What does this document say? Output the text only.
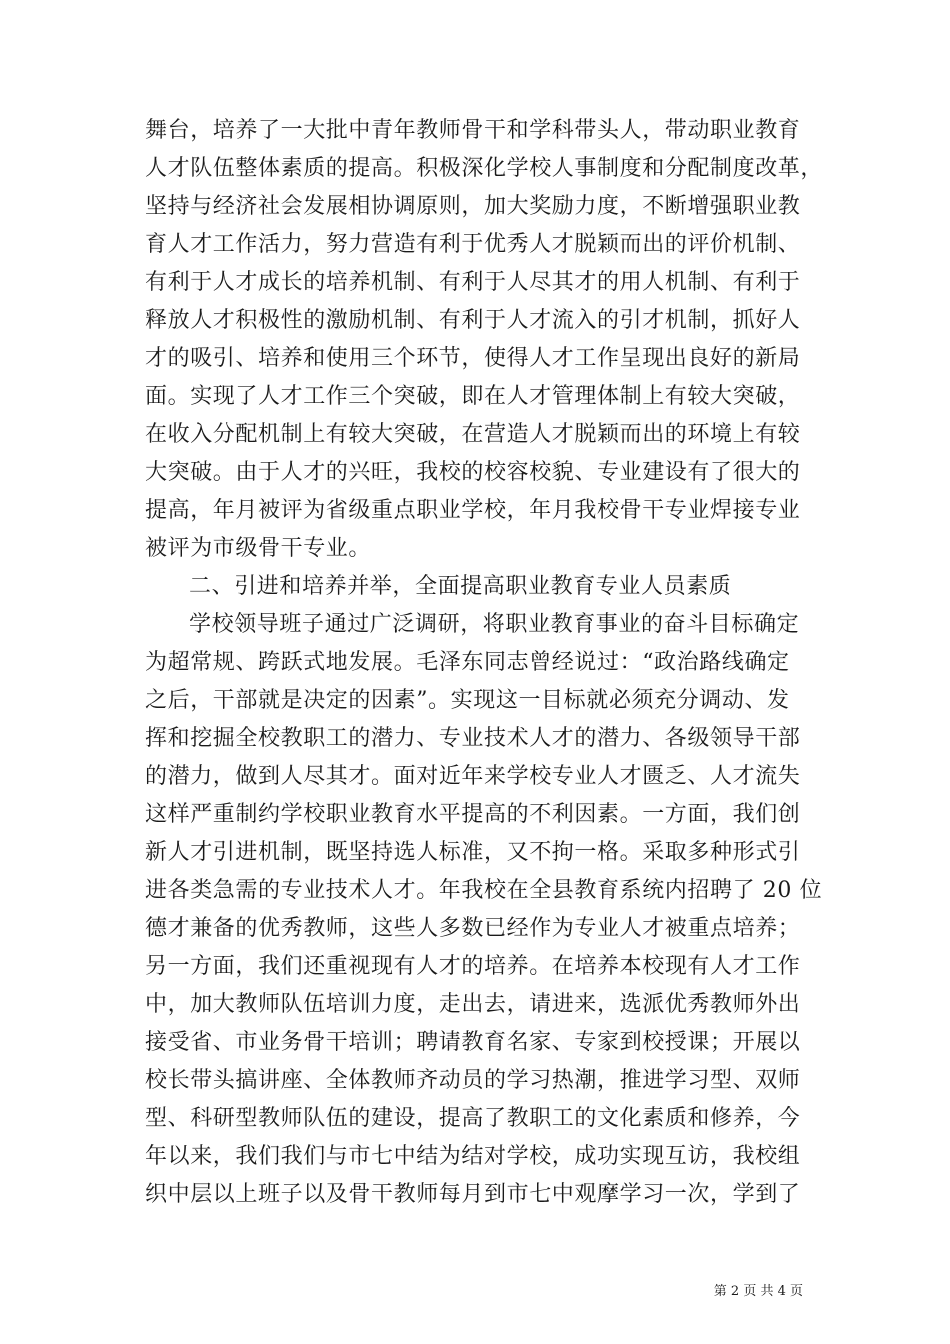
舞台，培养了一大批中青年教师骨干和学科带头人，带动职业教育
人才队伍整体素质的提高。积极深化学校人事制度和分配制度改革，
坚持与经济社会发展相协调原则，加大奖励力度，不断增强职业教
育人才工作活力，努力营造有利于优秀人才脱颖而出的评价机制、
有利于人才成长的培养机制、有利于人尽其才的用人机制、有利于
释放人才积极性的激励机制、有利于人才流入的引才机制，抓好人
才的吸引、培养和使用三个环节，使得人才工作呈现出良好的新局
面。实现了人才工作三个突破，即在人才管理体制上有较大突破，
在收入分配机制上有较大突破，在营造人才脱颖而出的环境上有较
大突破。由于人才的兴旺，我校的校容校貌、专业建设有了很大的
提高，年月被评为省级重点职业学校，年月我校骨干专业焊接专业
被评为市级骨干专业。
二、引进和培养并举，全面提高职业教育专业人员素质
学校领导班子通过广泛调研，将职业教育事业的奋斗目标确定
为超常规、跨跃式地发展。毛泽东同志曾经说过：“政治路线确定
之后，干部就是决定的因素”。实现这一目标就必须充分调动、发
挥和挖掘全校教职工的潜力、专业技术人才的潜力、各级领导干部
的潜力，做到人尽其才。面对近年来学校专业人才匮乏、人才流失
这样严重制约学校职业教育水平提高的不利因素。一方面，我们创
新人才引进机制，既坚持选人标准，又不拘一格。采取多种形式引
进各类急需的专业技术人才。年我校在全县教育系统内招聘了 20 位
德才兼备的优秀教师，这些人多数已经作为专业人才被重点培养；
另一方面，我们还重视现有人才的培养。在培养本校现有人才工作
中，加大教师队伍培训力度，走出去，请进来，选派优秀教师外出
接受省、市业务骨干培训；聘请教育名家、专家到校授课；开展以
校长带头搞讲座、全体教师齐动员的学习热潮，推进学习型、双师
型、科研型教师队伍的建设，提高了教职工的文化素质和修养，今
年以来，我们我们与市七中结为结对学校，成功实现互访，我校组
织中层以上班子以及骨干教师每月到市七中观摩学习一次，学到了
第 2 页 共 4 页
